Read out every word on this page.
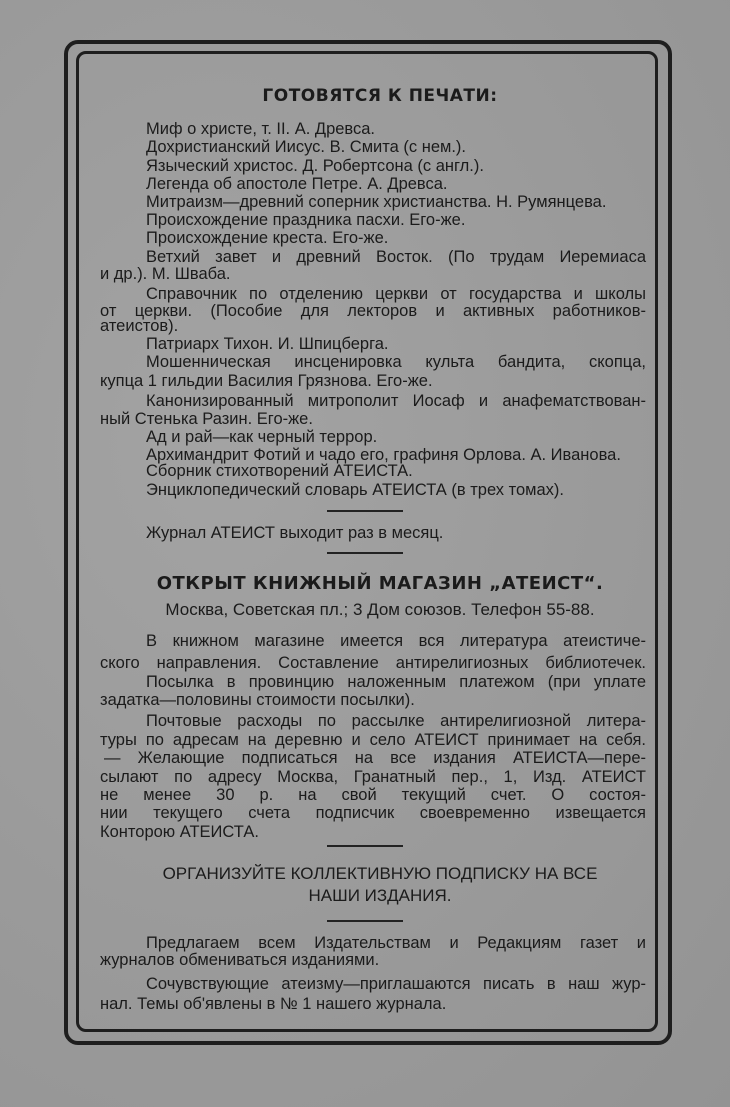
ГОТОВЯТСЯ К ПЕЧАТИ:
Миф о христе, т. II. А. Древса.
Дохристианский Иисус. В. Смита (с нем.).
Языческий христос. Д. Робертсона (с англ.).
Легенда об апостоле Петре. А. Древса.
Митраизм—древний соперник христианства. Н. Румянцева.
Происхождение праздника пасхи. Его-же.
Происхождение креста. Его-же.
Ветхий завет и древний Восток. (По трудам Иеремиаса
и др.). М. Шваба.
Справочник по отделению церкви от государства и школы
от церкви. (Пособие для лекторов и активных работников-
атеистов).
Патриарх Тихон. И. Шпицберга.
Мошенническая инсценировка культа бандита, скопца,
купца 1 гильдии Василия Грязнова. Его-же.
Канонизированный митрополит Иосаф и анафематствован-
ный Стенька Разин. Его-же.
Ад и рай—как черный террор.
Архимандрит Фотий и чадо его, графиня Орлова. А. Иванова.
Сборник стихотворений АТЕИСТА.
Энциклопедический словарь АТЕИСТА (в трех томах).
Журнал АТЕИСТ выходит раз в месяц.
ОТКРЫТ КНИЖНЫЙ МАГАЗИН „АТЕИСТ“.
Москва, Советская пл.; 3 Дом союзов. Телефон 55-88.
В книжном магазине имеется вся литература атеистиче-
ского направления. Составление антирелигиозных библиотечек.
Посылка в провинцию наложенным платежом (при уплате
задатка—половины стоимости посылки).
Почтовые расходы по рассылке антирелигиозной литера-
туры по адресам на деревню и село АТЕИСТ принимает на себя.
— Желающие подписаться на все издания АТЕИСТА—пере-
сылают по адресу Москва, Гранатный пер., 1, Изд. АТЕИСТ
не менее 30 р. на свой текущий счет. О состоя-
нии текущего счета подписчик своевременно извещается
Конторою АТЕИСТА.
ОРГАНИЗУЙТЕ КОЛЛЕКТИВНУЮ ПОДПИСКУ НА ВСЕ
НАШИ ИЗДАНИЯ.
Предлагаем всем Издательствам и Редакциям газет и
журналов обмениваться изданиями.
Сочувствующие атеизму—приглашаются писать в наш жур-
нал. Темы об'явлены в № 1 нашего журнала.
